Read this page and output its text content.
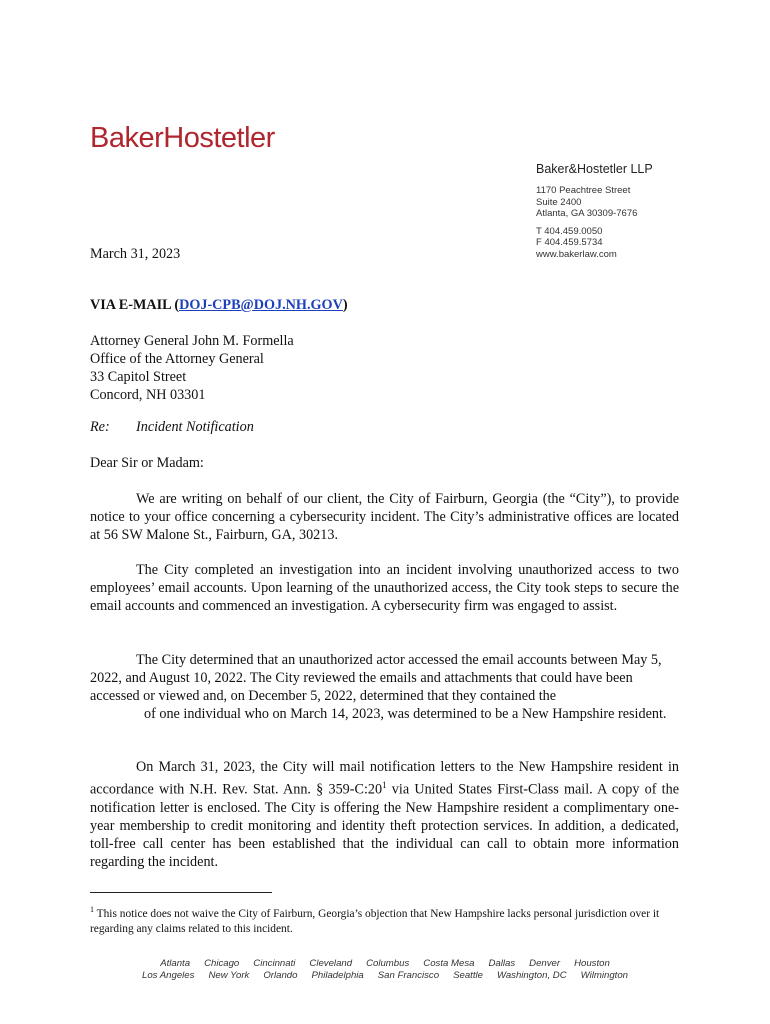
BakerHostetler
Baker&Hostetler LLP
1170 Peachtree Street
Suite 2400
Atlanta, GA 30309-7676
T 404.459.0050
F 404.459.5734
www.bakerlaw.com
March 31, 2023
VIA E-MAIL (DOJ-CPB@DOJ.NH.GOV)
Attorney General John M. Formella
Office of the Attorney General
33 Capitol Street
Concord, NH 03301
Re: Incident Notification
Dear Sir or Madam:
We are writing on behalf of our client, the City of Fairburn, Georgia (the “City”), to provide notice to your office concerning a cybersecurity incident. The City’s administrative offices are located at 56 SW Malone St., Fairburn, GA, 30213.
The City completed an investigation into an incident involving unauthorized access to two employees’ email accounts. Upon learning of the unauthorized access, the City took steps to secure the email accounts and commenced an investigation. A cybersecurity firm was engaged to assist.
The City determined that an unauthorized actor accessed the email accounts between May 5, 2022, and August 10, 2022. The City reviewed the emails and attachments that could have been accessed or viewed and, on December 5, 2022, determined that they contained the
of one individual who on March 14, 2023, was determined to be a New Hampshire resident.
On March 31, 2023, the City will mail notification letters to the New Hampshire resident in accordance with N.H. Rev. Stat. Ann. § $359-C:20^1$ via United States First-Class mail. A copy of the notification letter is enclosed. The City is offering the New Hampshire resident a complimentary one-year membership to credit monitoring and identity theft protection services. In addition, a dedicated, toll-free call center has been established that the individual can call to obtain more information regarding the incident.
$^1$ This notice does not waive the City of Fairburn, Georgia’s objection that New Hampshire lacks personal jurisdiction over it regarding any claims related to this incident.
Atlanta Chicago Cincinnati Cleveland Columbus Costa Mesa Dallas Denver Houston
Los Angeles New York Orlando Philadelphia San Francisco Seattle Washington, DC Wilmington
